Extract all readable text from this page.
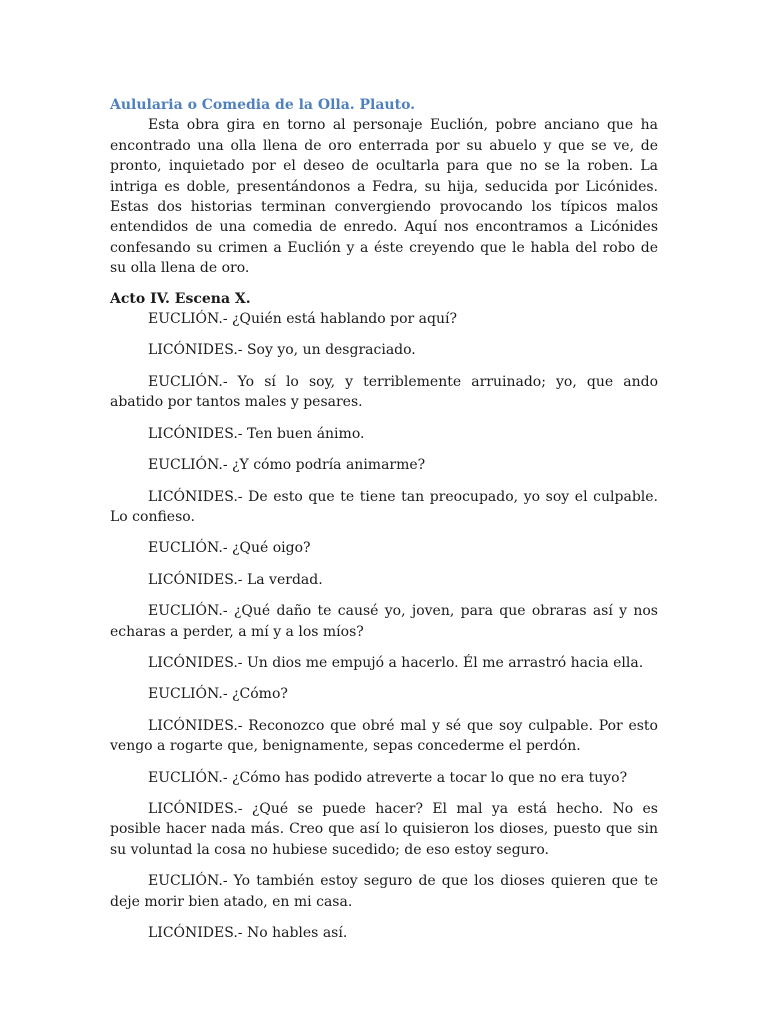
Aulularia o Comedia de la Olla. Plauto.

Esta obra gira en torno al personaje Euclión, pobre anciano que ha encontrado una olla llena de oro enterrada por su abuelo y que se ve, de pronto, inquietado por el deseo de ocultarla para que no se la roben. La intriga es doble, presentándonos a Fedra, su hija, seducida por Licónides. Estas dos historias terminan convergiendo provocando los típicos malos entendidos de una comedia de enredo. Aquí nos encontramos a Licónides confesando su crimen a Euclión y a éste creyendo que le habla del robo de su olla llena de oro.

Acto IV. Escena X.

EUCLIÓN.- ¿Quién está hablando por aquí?

LICÓNIDES.- Soy yo, un desgraciado.

EUCLIÓN.- Yo sí lo soy, y terriblemente arruinado; yo, que ando abatido por tantos males y pesares.

LICÓNIDES.- Ten buen ánimo.

EUCLIÓN.- ¿Y cómo podría animarme?

LICÓNIDES.- De esto que te tiene tan preocupado, yo soy el culpable. Lo confieso.

EUCLIÓN.- ¿Qué oigo?

LICÓNIDES.- La verdad.

EUCLIÓN.- ¿Qué daño te causé yo, joven, para que obraras así y nos echaras a perder, a mí y a los míos?

LICÓNIDES.- Un dios me empujó a hacerlo. Él me arrastró hacia ella.

EUCLIÓN.- ¿Cómo?

LICÓNIDES.- Reconozco que obré mal y sé que soy culpable. Por esto vengo a rogarte que, benignamente, sepas concederme el perdón.

EUCLIÓN.- ¿Cómo has podido atreverte a tocar lo que no era tuyo?

LICÓNIDES.- ¿Qué se puede hacer? El mal ya está hecho. No es posible hacer nada más. Creo que así lo quisieron los dioses, puesto que sin su voluntad la cosa no hubiese sucedido; de eso estoy seguro.

EUCLIÓN.- Yo también estoy seguro de que los dioses quieren que te deje morir bien atado, en mi casa.

LICÓNIDES.- No hables así.
